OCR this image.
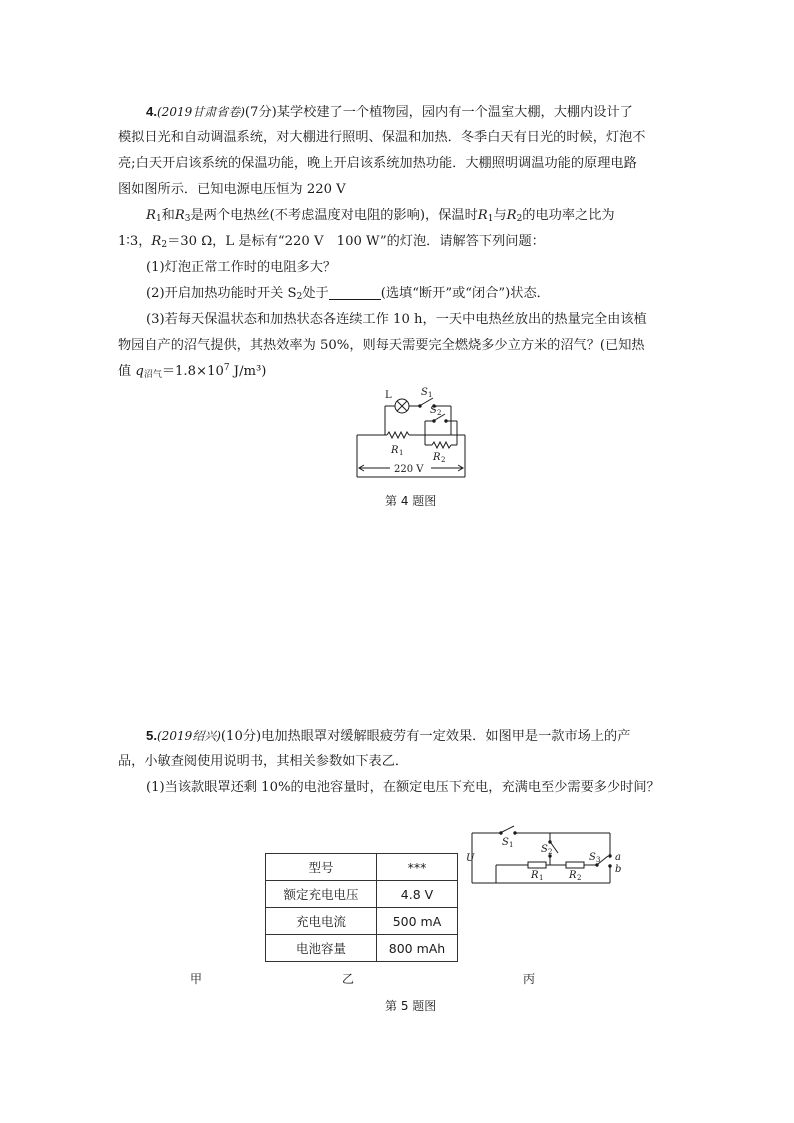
4.(2019甘肃省卷)(7分)某学校建了一个植物园，园内有一个温室大棚，大棚内设计了

模拟日光和自动调温系统，对大棚进行照明、保温和加热．冬季白天有日光的时候，灯泡不

亮;白天开启该系统的保温功能，晚上开启该系统加热功能．大棚照明调温功能的原理电路

图如图所示．已知电源电压恒为 220 V

$R_1$和$R_3$是两个电热丝(不考虑温度对电阻的影响)，保温时$R_1$与$R_2$的电功率之比为

1∶3，$R_2=30$ Ω，L 是标有“220 V　100 W”的灯泡．请解答下列问题：

(1)灯泡正常工作时的电阻多大？

(2)开启加热功能时开关 $S_2$处于	(选填“断开”或“闭合”)状态．

(3)若每天保温状态和加热状态各连续工作 10 h，一天中电热丝放出的热量完全由该植

物园自产的沼气提供，其热效率为 50%，则每天需要完全燃烧多少立方米的沼气？(已知热

值 $q_{沼气}=1.8\times 10^7$ J/m³)

L	S 1
S 2
R 1	R 2
220 V
第 4 题图

5.(2019绍兴)(10分)电加热眼罩对缓解眼疲劳有一定效果．如图甲是一款市场上的产

品，小敏查阅使用说明书，其相关参数如下表乙．

(1)当该款眼罩还剩 10%的电池容量时，在额定电压下充电，充满电至少需要多少时间？

型号	***
额定充电电压	4.8 V
充电电流	500 mA
电池容量	800 mAh
U
S 1	S 2	S 3
R 1	R 2
a
b
甲	乙	丙
第 5 题图
